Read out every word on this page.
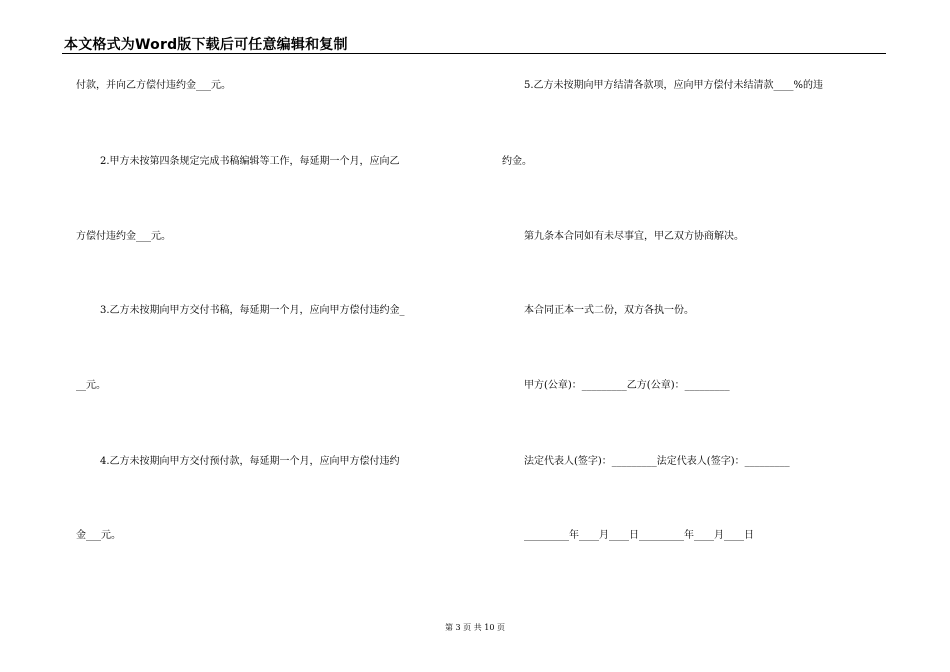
本文格式为Word版下载后可任意编辑和复制
付款，并向乙方偿付违约金___元。
2.甲方未按第四条规定完成书稿编辑等工作，每延期一个月，应向乙
方偿付违约金___元。
3.乙方未按期向甲方交付书稿，每延期一个月，应向甲方偿付违约金_
__元。
4.乙方未按期向甲方交付预付款，每延期一个月，应向甲方偿付违约
金___元。
5.乙方未按期向甲方结清各款项，应向甲方偿付未结清款____%的违
约金。
第九条本合同如有未尽事宜，甲乙双方协商解决。
本合同正本一式二份，双方各执一份。
甲方(公章)：_________乙方(公章)：_________
法定代表人(签字)：_________法定代表人(签字)：_________
_________年____月____日_________年____月____日
第 3 页 共 10 页
